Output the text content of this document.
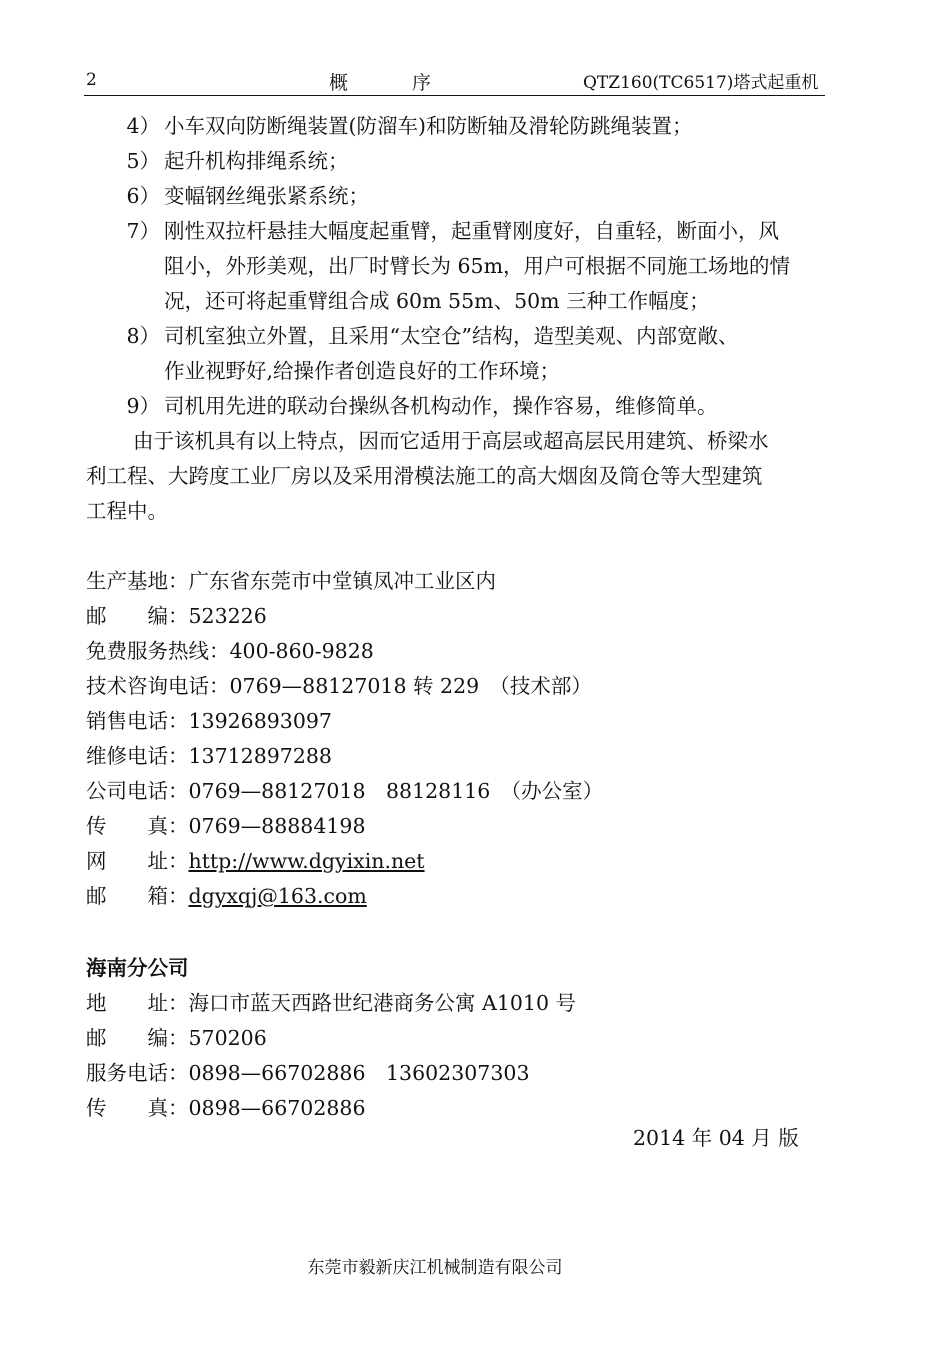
2	概序	QTZ160(TC6517)塔式起重机
4） 小车双向防断绳装置(防溜车)和防断轴及滑轮防跳绳装置；
5） 起升机构排绳系统；
6） 变幅钢丝绳张紧系统；
7） 刚性双拉杆悬挂大幅度起重臂，起重臂刚度好，自重轻，断面小，风
阻小，外形美观，出厂时臂长为 65m，用户可根据不同施工场地的情
况，还可将起重臂组合成 60m 55m、50m 三种工作幅度；
8） 司机室独立外置，且采用“太空仓”结构，造型美观、内部宽敞、
作业视野好,给操作者创造良好的工作环境；
9） 司机用先进的联动台操纵各机构动作，操作容易，维修简单。
由于该机具有以上特点，因而它适用于高层或超高层民用建筑、桥梁水
利工程、大跨度工业厂房以及采用滑模法施工的高大烟囱及筒仓等大型建筑
工程中。
生产基地：广东省东莞市中堂镇凤冲工业区内
邮　　编：523226
免费服务热线：400-860-9828
技术咨询电话：0769—88127018 转 229　（技术部）
销售电话：13926893097
维修电话：13712897288
公司电话：0769—88127018　88128116　（办公室）
传　　真：0769—88884198
网　　址：http://www.dgyixin.net
邮　　箱：dgyxqj@163.com
海南分公司
地　　址：海口市蓝天西路世纪港商务公寓 A1010 号
邮　　编：570206
服务电话：0898—66702886　13602307303
传　　真：0898—66702886
2014 年 04 月 版
东莞市毅新庆江机械制造有限公司
